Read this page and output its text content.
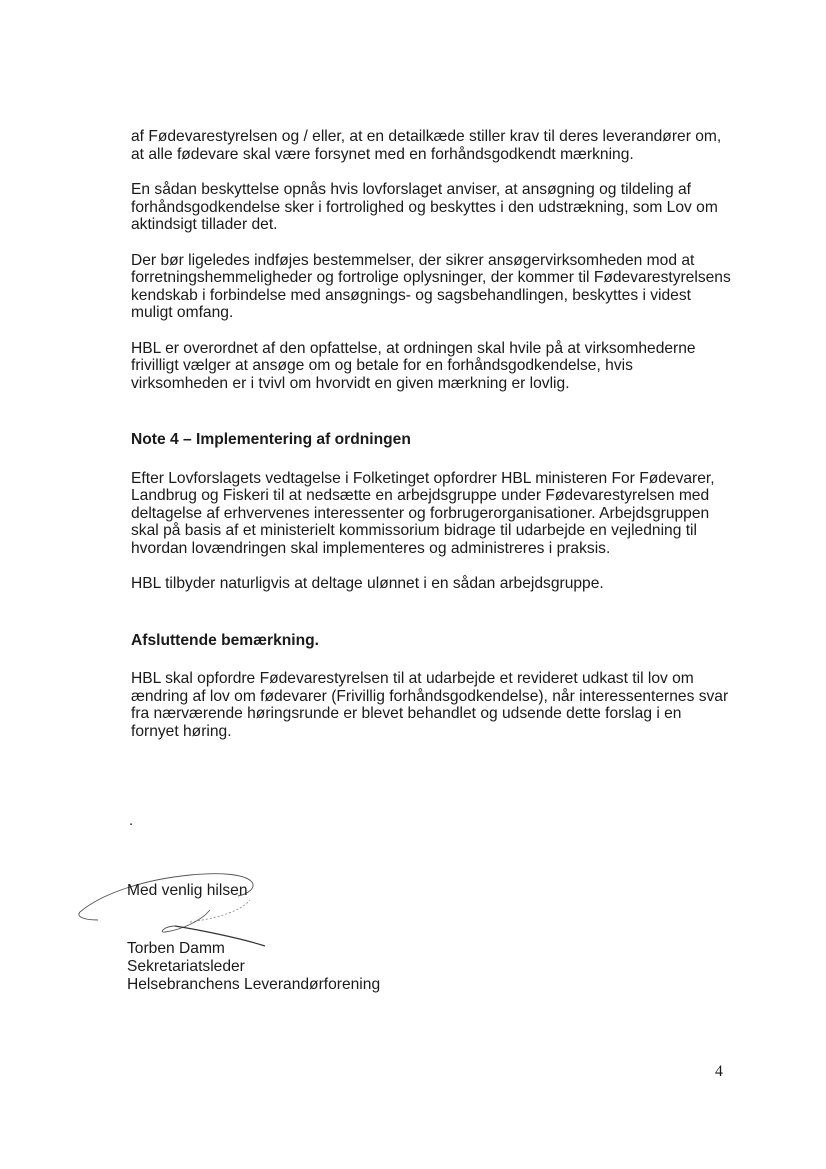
af Fødevarestyrelsen og / eller, at en detailkæde stiller krav til deres leverandører om, at alle fødevare skal være forsynet med en forhåndsgodkendt mærkning.

En sådan beskyttelse opnås hvis lovforslaget anviser, at ansøgning og tildeling af forhåndsgodkendelse sker i fortrolighed og beskyttes i den udstrækning, som Lov om aktindsigt tillader det.

Der bør ligeledes indføjes bestemmelser, der sikrer ansøgervirksomheden mod at forretningshemmeligheder og fortrolige oplysninger, der kommer til Fødevarestyrelsens kendskab i forbindelse med ansøgnings- og sagsbehandlingen, beskyttes i videst muligt omfang.

HBL er overordnet af den opfattelse, at ordningen skal hvile på at virksomhederne frivilligt vælger at ansøge om og betale for en forhåndsgodkendelse, hvis virksomheden er i tvivl om hvorvidt en given mærkning er lovlig.

Note 4 – Implementering af ordningen

Efter Lovforslagets vedtagelse i Folketinget opfordrer HBL ministeren For Fødevarer, Landbrug og Fiskeri til at nedsætte en arbejdsgruppe under Fødevarestyrelsen med deltagelse af erhvervenes interessenter og forbrugerorganisationer. Arbejdsgruppen skal på basis af et ministerielt kommissorium bidrage til udarbejde en vejledning til hvordan lovændringen skal implementeres og administreres i praksis.

HBL tilbyder naturligvis at deltage ulønnet i en sådan arbejdsgruppe.

Afsluttende bemærkning.

HBL skal opfordre Fødevarestyrelsen til at udarbejde et revideret udkast til lov om ændring af lov om fødevarer (Frivillig forhåndsgodkendelse), når interessenternes svar fra nærværende høringsrunde er blevet behandlet og udsende dette forslag i en fornyet høring.

.
Med venlig hilsen
Torben Damm
Sekretariatsleder
Helsebranchens Leverandørforening
4
